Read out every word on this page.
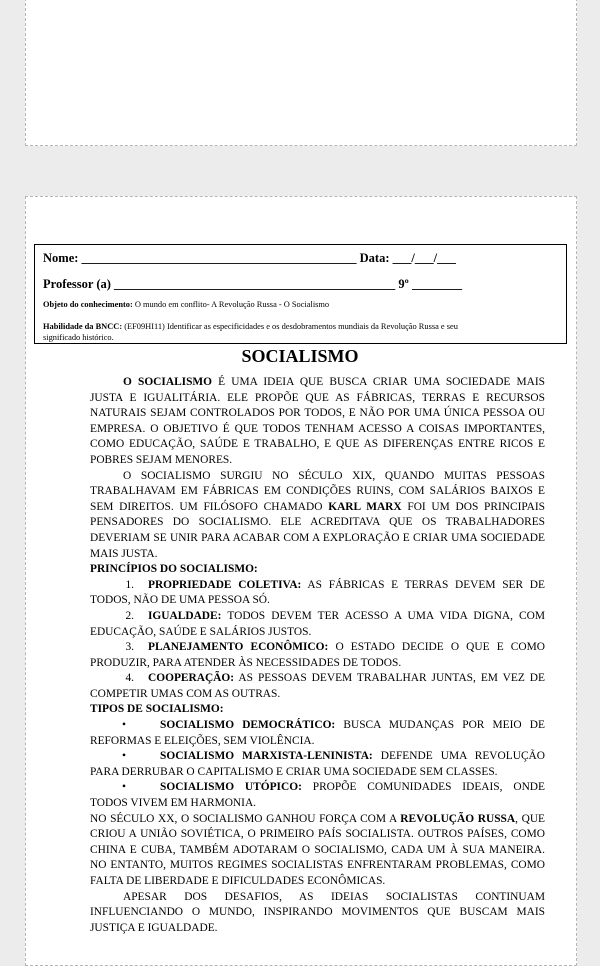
Nome: ____________________________________________ Data: ___/___/___
Professor (a) _____________________________________________ 9º ________
Objeto do conhecimento: O mundo em conflito- A Revolução Russa - O Socialismo
Habilidade da BNCC: (EF09HI11) Identificar as especificidades e os desdobramentos mundiais da Revolução Russa e seu
significado histórico.
SOCIALISMO

O SOCIALISMO É UMA IDEIA QUE BUSCA CRIAR UMA SOCIEDADE MAIS JUSTA E IGUALITÁRIA. ELE PROPÕE QUE AS FÁBRICAS, TERRAS E RECURSOS NATURAIS SEJAM CONTROLADOS POR TODOS, E NÃO POR UMA ÚNICA PESSOA OU EMPRESA. O OBJETIVO É QUE TODOS TENHAM ACESSO A COISAS IMPORTANTES, COMO EDUCAÇÃO, SAÚDE E TRABALHO, E QUE AS DIFERENÇAS ENTRE RICOS E POBRES SEJAM MENORES.

O SOCIALISMO SURGIU NO SÉCULO XIX, QUANDO MUITAS PESSOAS TRABALHAVAM EM FÁBRICAS EM CONDIÇÕES RUINS, COM SALÁRIOS BAIXOS E SEM DIREITOS. UM FILÓSOFO CHAMADO KARL MARX FOI UM DOS PRINCIPAIS PENSADORES DO SOCIALISMO. ELE ACREDITAVA QUE OS TRABALHADORES DEVERIAM SE UNIR PARA ACABAR COM A EXPLORAÇÃO E CRIAR UMA SOCIEDADE MAIS JUSTA.

PRINCÍPIOS DO SOCIALISMO:

1. PROPRIEDADE COLETIVA: AS FÁBRICAS E TERRAS DEVEM SER DE TODOS, NÃO DE UMA PESSOA SÓ.

2. IGUALDADE: TODOS DEVEM TER ACESSO A UMA VIDA DIGNA, COM EDUCAÇÃO, SAÚDE E SALÁRIOS JUSTOS.

3. PLANEJAMENTO ECONÔMICO: O ESTADO DECIDE O QUE E COMO PRODUZIR, PARA ATENDER ÀS NECESSIDADES DE TODOS.

4. COOPERAÇÃO: AS PESSOAS DEVEM TRABALHAR JUNTAS, EM VEZ DE COMPETIR UMAS COM AS OUTRAS.

TIPOS DE SOCIALISMO:

•	SOCIALISMO DEMOCRÁTICO: BUSCA MUDANÇAS POR MEIO DE REFORMAS E ELEIÇÕES, SEM VIOLÊNCIA.

•	SOCIALISMO MARXISTA-LENINISTA: DEFENDE UMA REVOLUÇÃO PARA DERRUBAR O CAPITALISMO E CRIAR UMA SOCIEDADE SEM CLASSES.

•	SOCIALISMO UTÓPICO: PROPÕE COMUNIDADES IDEAIS, ONDE TODOS VIVEM EM HARMONIA.

NO SÉCULO XX, O SOCIALISMO GANHOU FORÇA COM A REVOLUÇÃO RUSSA, QUE CRIOU A UNIÃO SOVIÉTICA, O PRIMEIRO PAÍS SOCIALISTA. OUTROS PAÍSES, COMO CHINA E CUBA, TAMBÉM ADOTARAM O SOCIALISMO, CADA UM À SUA MANEIRA. NO ENTANTO, MUITOS REGIMES SOCIALISTAS ENFRENTARAM PROBLEMAS, COMO FALTA DE LIBERDADE E DIFICULDADES ECONÔMICAS.

APESAR DOS DESAFIOS, AS IDEIAS SOCIALISTAS CONTINUAM INFLUENCIANDO O MUNDO, INSPIRANDO MOVIMENTOS QUE BUSCAM MAIS JUSTIÇA E IGUALDADE.
